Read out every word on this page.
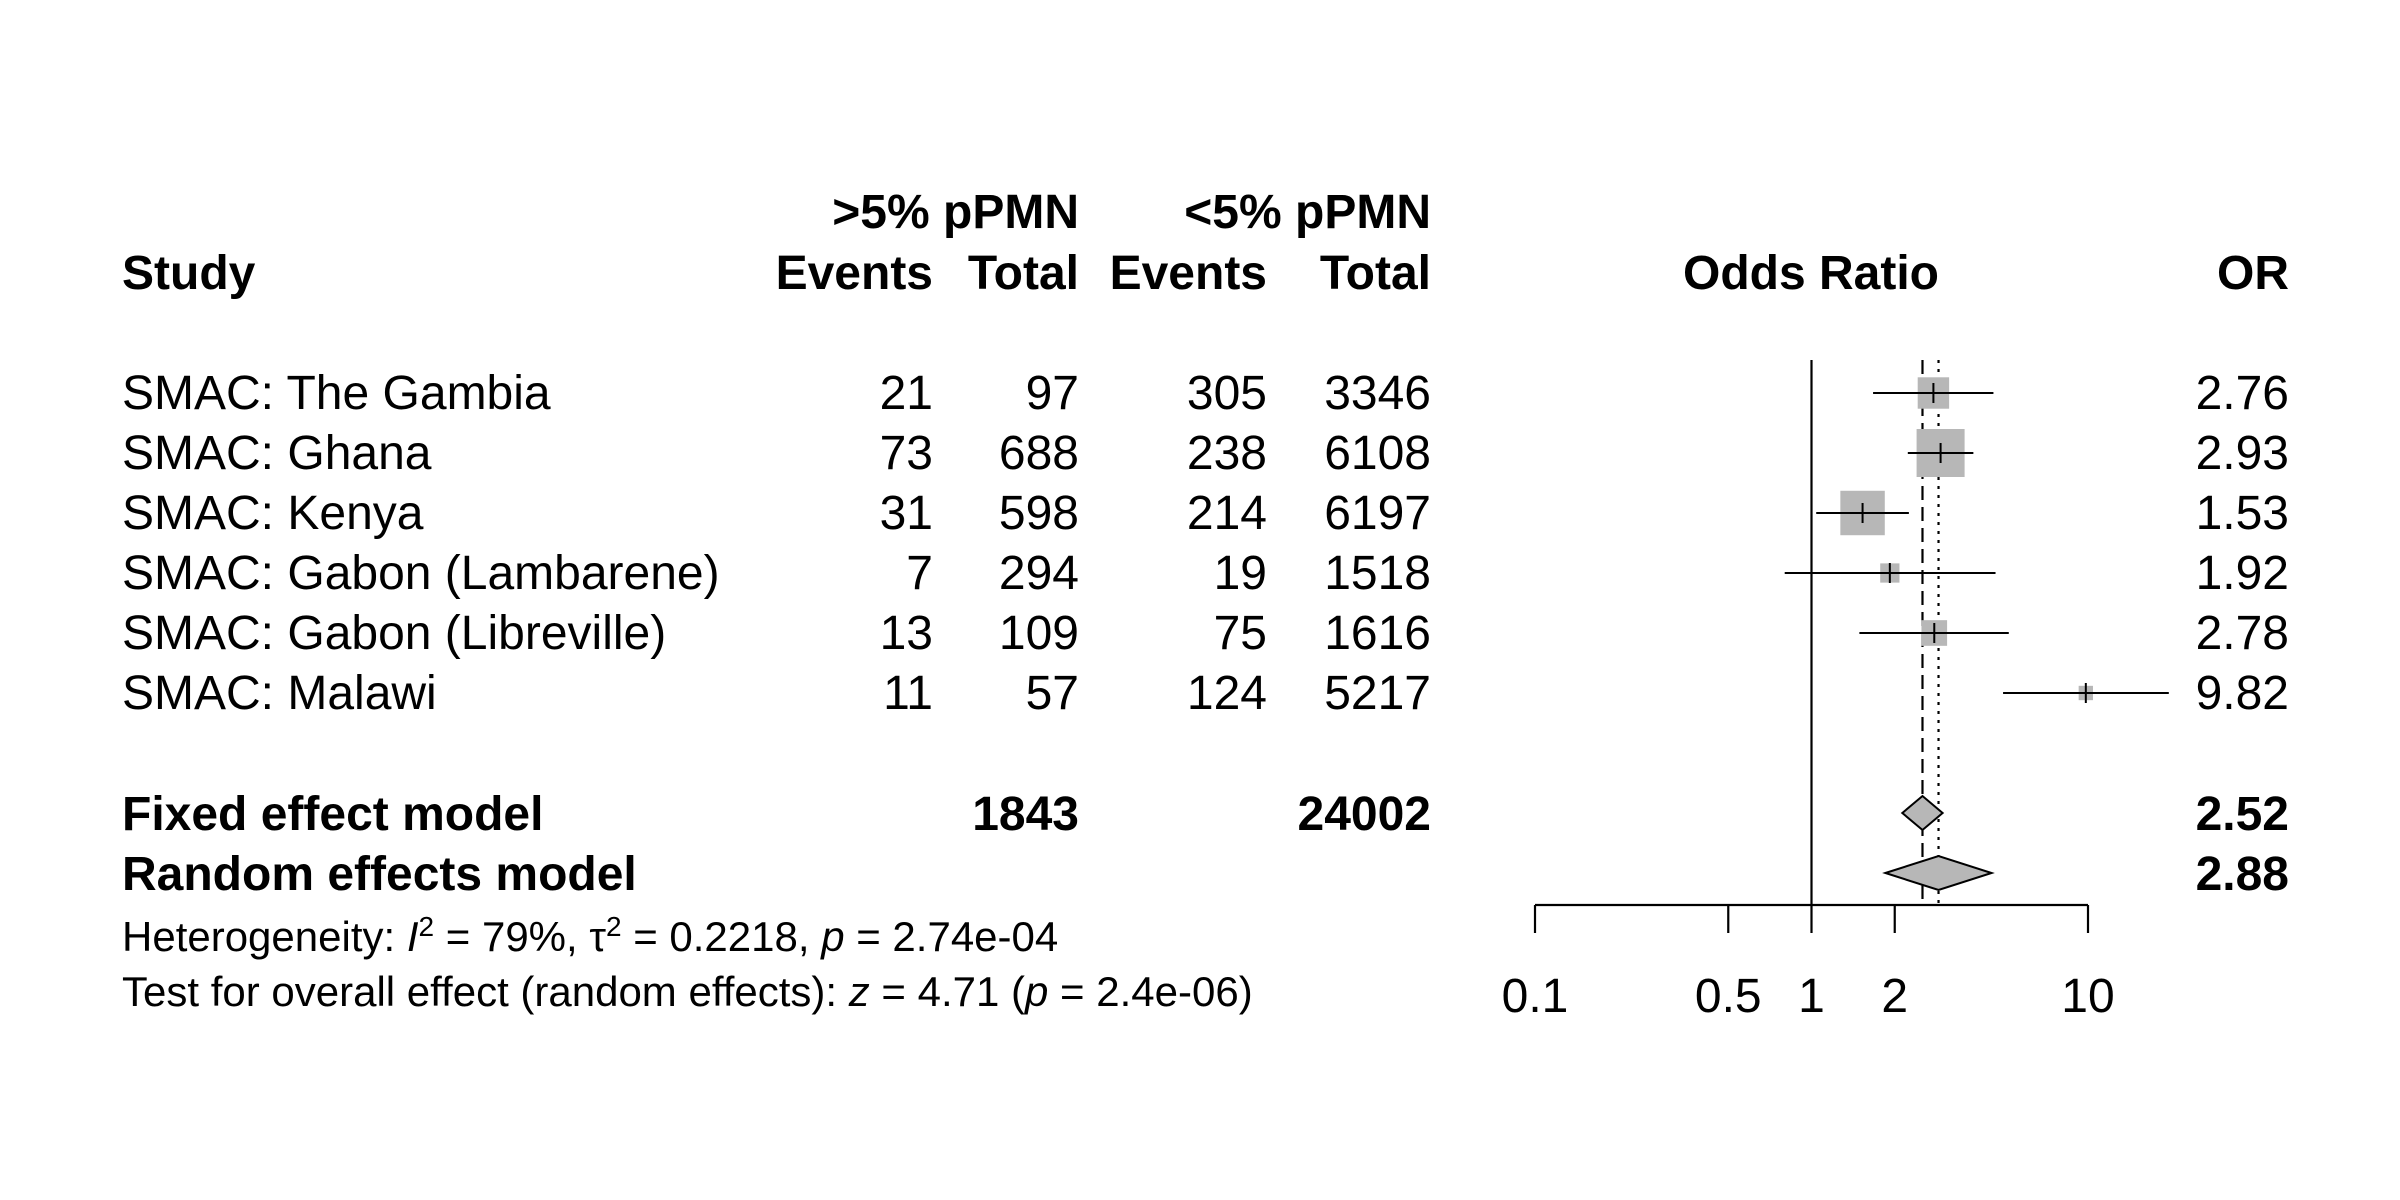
>5% pPMN <5% pPMN
Study	Events Total Events Total	Odds Ratio	OR
SMAC: The Gambia	21 97 305 3346	2.76
SMAC: Ghana	73 688 238 6108	2.93
SMAC: Kenya	31 598 214 6197	1.53
SMAC: Gabon (Lambarene)	7 294	19 1518	1.92
SMAC: Gabon (Libreville)	13 109	75 1616	2.78
SMAC: Malawi	11 57 124 5217	9.82
Fixed effect model	1843	24002	2.52
Random effects model	2.88
Heterogeneity: $I^2 = 79\%$, $\tau^2 = 0.2218$, p = 2.74e-04
Test for overall effect (random effects): z = 4.71 (p = 2.4e-06)	0.1	0.5 1 2	10
